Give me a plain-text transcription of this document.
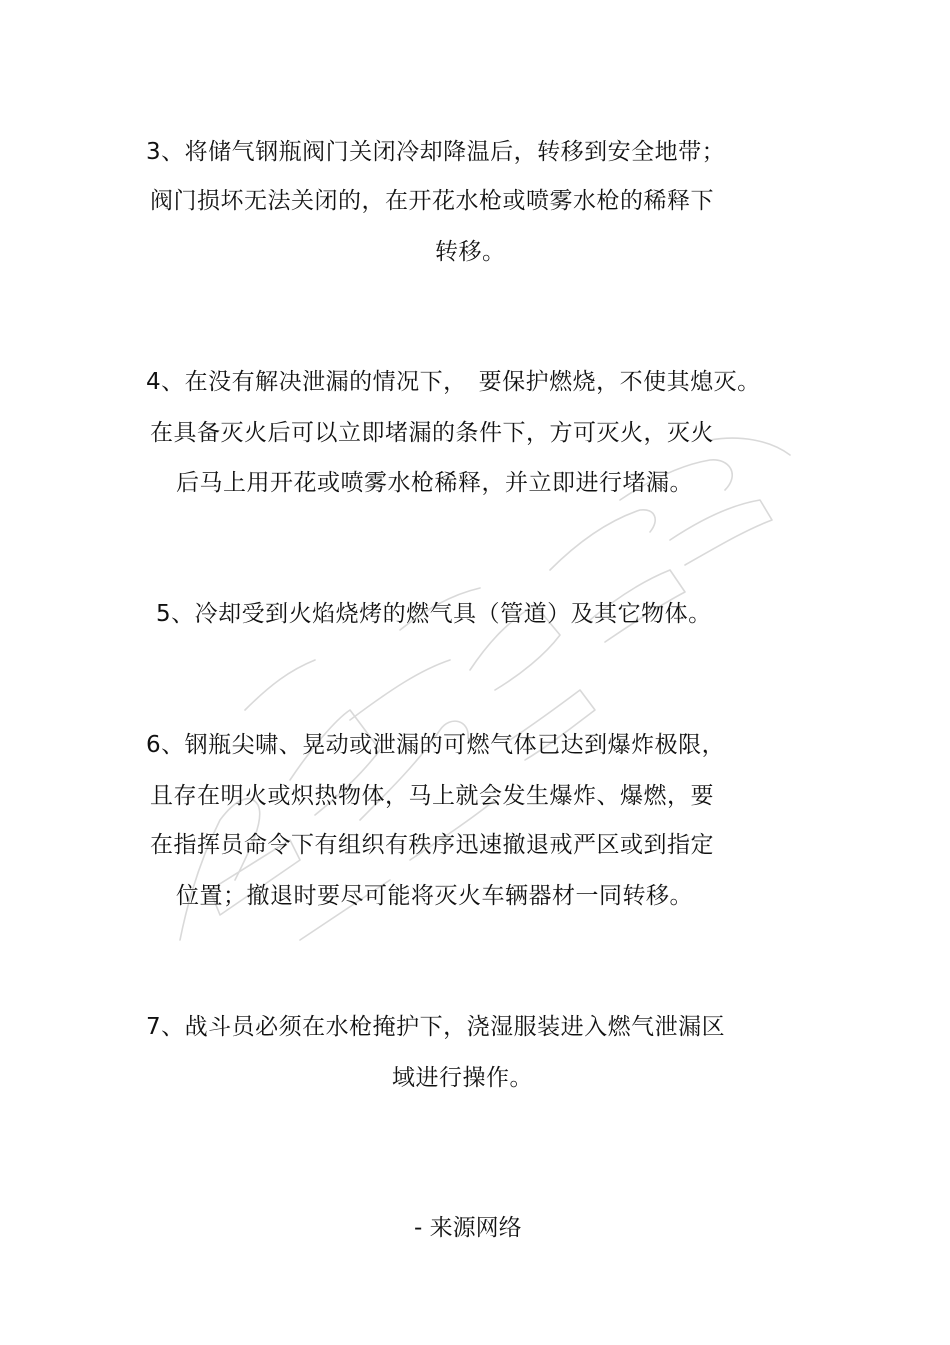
3、将储气钢瓶阀门关闭冷却降温后，转移到安全地带；
阀门损坏无法关闭的，在开花水枪或喷雾水枪的稀释下
转移。
4、在没有解决泄漏的情况下，　要保护燃烧，不使其熄灭。
在具备灭火后可以立即堵漏的条件下，方可灭火，灭火
后马上用开花或喷雾水枪稀释，并立即进行堵漏。
5、冷却受到火焰烧烤的燃气具（管道）及其它物体。
6、钢瓶尖啸、晃动或泄漏的可燃气体已达到爆炸极限，
且存在明火或炽热物体，马上就会发生爆炸、爆燃，要
在指挥员命令下有组织有秩序迅速撤退戒严区或到指定
位置；撤退时要尽可能将灭火车辆器材一同转移。
7、战斗员必须在水枪掩护下，浇湿服装进入燃气泄漏区
域进行操作。
- 来源网络
